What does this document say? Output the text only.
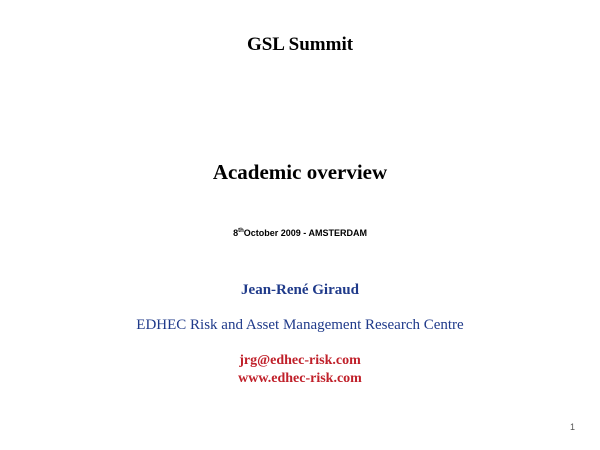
GSL Summit
Academic overview
8thOctober 2009 - AMSTERDAM
Jean-René Giraud
EDHEC Risk and Asset Management Research Centre
jrg@edhec-risk.com
www.edhec-risk.com
1
